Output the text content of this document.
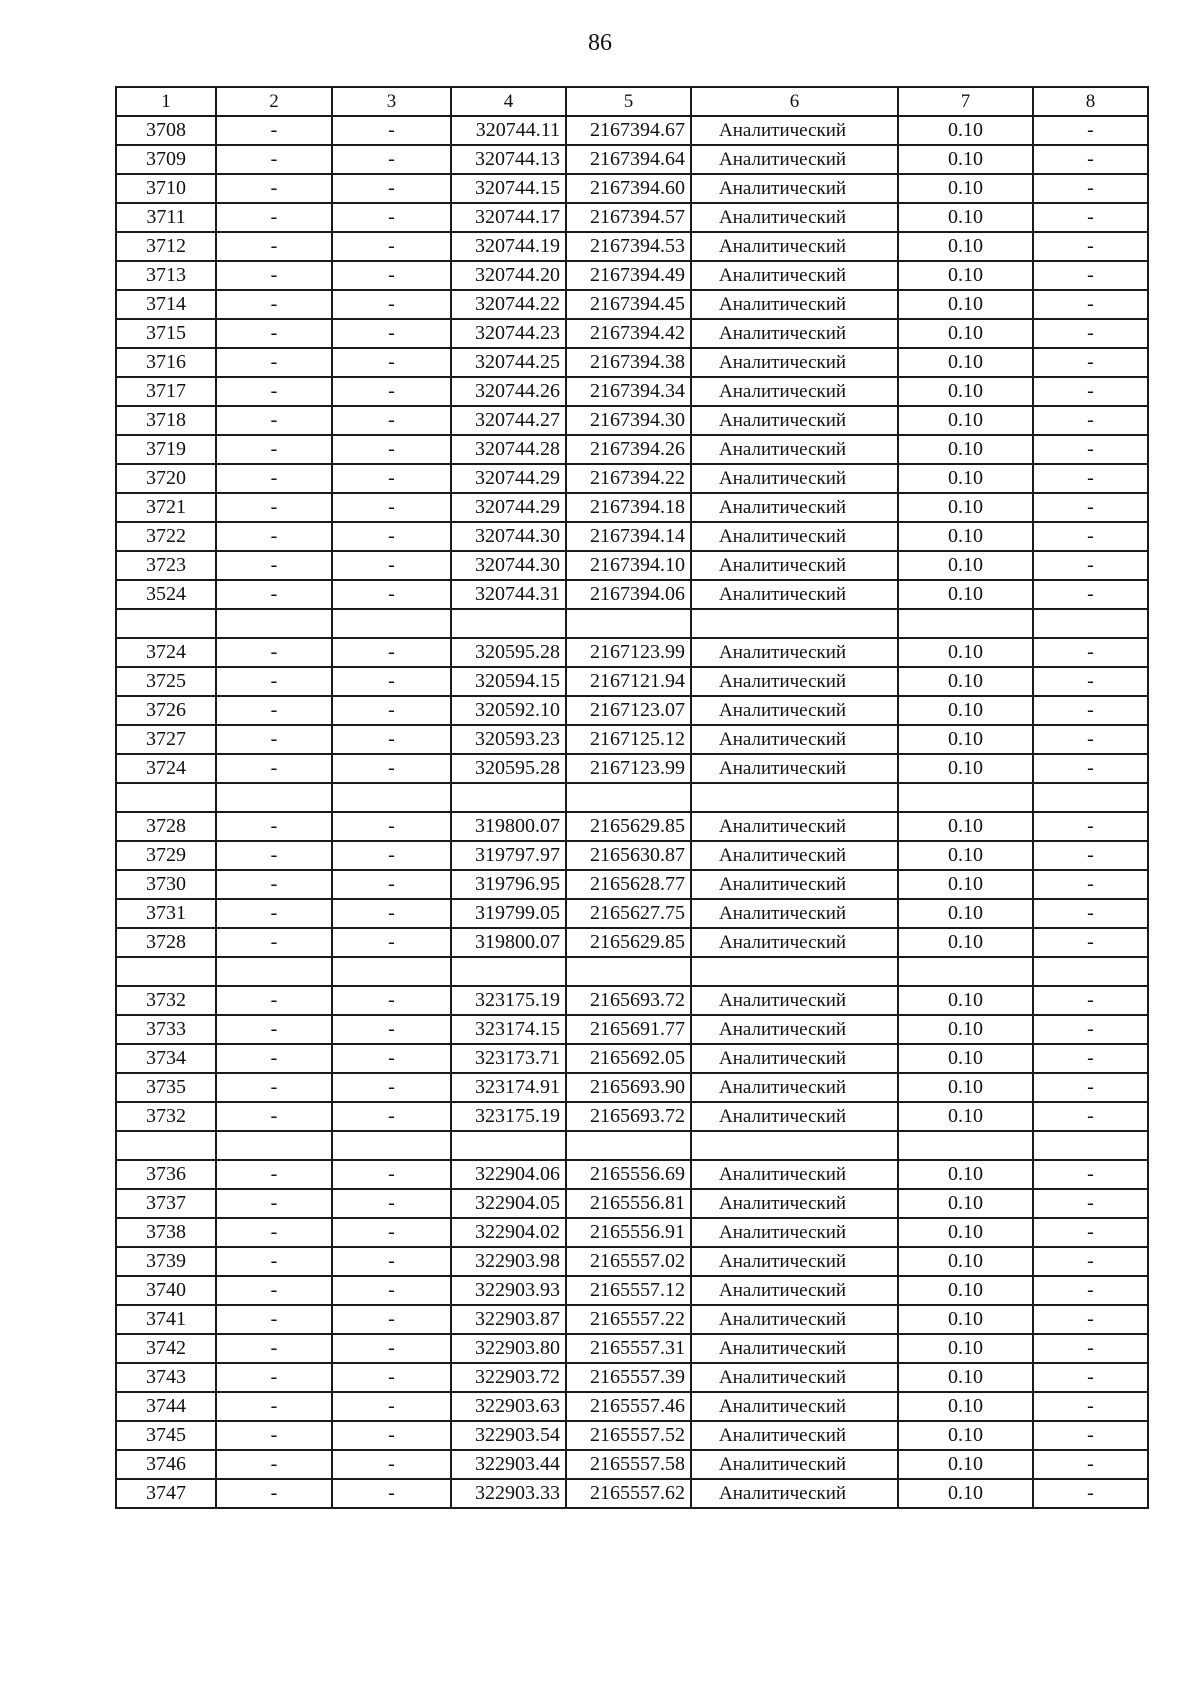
86
1	2	3	4	5	6	7	8
3708	-	-	320744.11	2167394.67	Аналитический	0.10	-
3709	-	-	320744.13	2167394.64	Аналитический	0.10	-
3710	-	-	320744.15	2167394.60	Аналитический	0.10	-
3711	-	-	320744.17	2167394.57	Аналитический	0.10	-
3712	-	-	320744.19	2167394.53	Аналитический	0.10	-
3713	-	-	320744.20	2167394.49	Аналитический	0.10	-
3714	-	-	320744.22	2167394.45	Аналитический	0.10	-
3715	-	-	320744.23	2167394.42	Аналитический	0.10	-
3716	-	-	320744.25	2167394.38	Аналитический	0.10	-
3717	-	-	320744.26	2167394.34	Аналитический	0.10	-
3718	-	-	320744.27	2167394.30	Аналитический	0.10	-
3719	-	-	320744.28	2167394.26	Аналитический	0.10	-
3720	-	-	320744.29	2167394.22	Аналитический	0.10	-
3721	-	-	320744.29	2167394.18	Аналитический	0.10	-
3722	-	-	320744.30	2167394.14	Аналитический	0.10	-
3723	-	-	320744.30	2167394.10	Аналитический	0.10	-
3524	-	-	320744.31	2167394.06	Аналитический	0.10	-

3724	-	-	320595.28	2167123.99	Аналитический	0.10	-
3725	-	-	320594.15	2167121.94	Аналитический	0.10	-
3726	-	-	320592.10	2167123.07	Аналитический	0.10	-
3727	-	-	320593.23	2167125.12	Аналитический	0.10	-
3724	-	-	320595.28	2167123.99	Аналитический	0.10	-

3728	-	-	319800.07	2165629.85	Аналитический	0.10	-
3729	-	-	319797.97	2165630.87	Аналитический	0.10	-
3730	-	-	319796.95	2165628.77	Аналитический	0.10	-
3731	-	-	319799.05	2165627.75	Аналитический	0.10	-
3728	-	-	319800.07	2165629.85	Аналитический	0.10	-

3732	-	-	323175.19	2165693.72	Аналитический	0.10	-
3733	-	-	323174.15	2165691.77	Аналитический	0.10	-
3734	-	-	323173.71	2165692.05	Аналитический	0.10	-
3735	-	-	323174.91	2165693.90	Аналитический	0.10	-
3732	-	-	323175.19	2165693.72	Аналитический	0.10	-

3736	-	-	322904.06	2165556.69	Аналитический	0.10	-
3737	-	-	322904.05	2165556.81	Аналитический	0.10	-
3738	-	-	322904.02	2165556.91	Аналитический	0.10	-
3739	-	-	322903.98	2165557.02	Аналитический	0.10	-
3740	-	-	322903.93	2165557.12	Аналитический	0.10	-
3741	-	-	322903.87	2165557.22	Аналитический	0.10	-
3742	-	-	322903.80	2165557.31	Аналитический	0.10	-
3743	-	-	322903.72	2165557.39	Аналитический	0.10	-
3744	-	-	322903.63	2165557.46	Аналитический	0.10	-
3745	-	-	322903.54	2165557.52	Аналитический	0.10	-
3746	-	-	322903.44	2165557.58	Аналитический	0.10	-
3747	-	-	322903.33	2165557.62	Аналитический	0.10	-
